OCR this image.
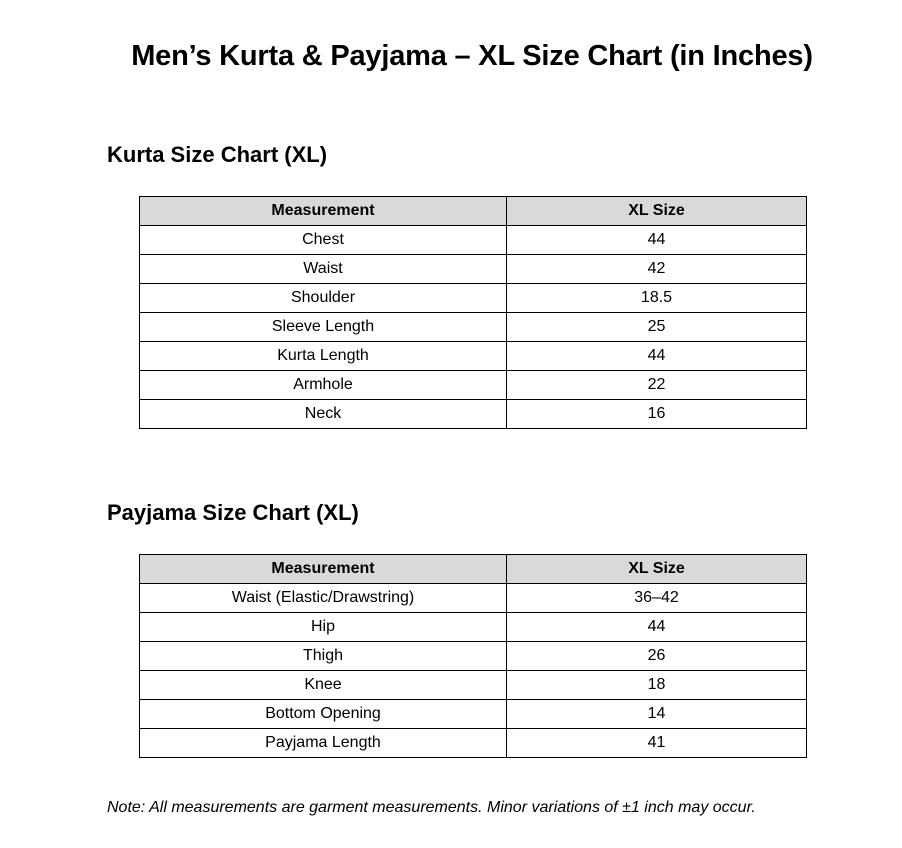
Men’s Kurta & Payjama – XL Size Chart (in Inches)
Kurta Size Chart (XL)
Measurement	XL Size
Chest	44
Waist	42
Shoulder	18.5
Sleeve Length	25
Kurta Length	44
Armhole	22
Neck	16
Payjama Size Chart (XL)
Measurement	XL Size
Waist (Elastic/Drawstring)	36–42
Hip	44
Thigh	26
Knee	18
Bottom Opening	14
Payjama Length	41
Note: All measurements are garment measurements. Minor variations of ±1 inch may occur.
